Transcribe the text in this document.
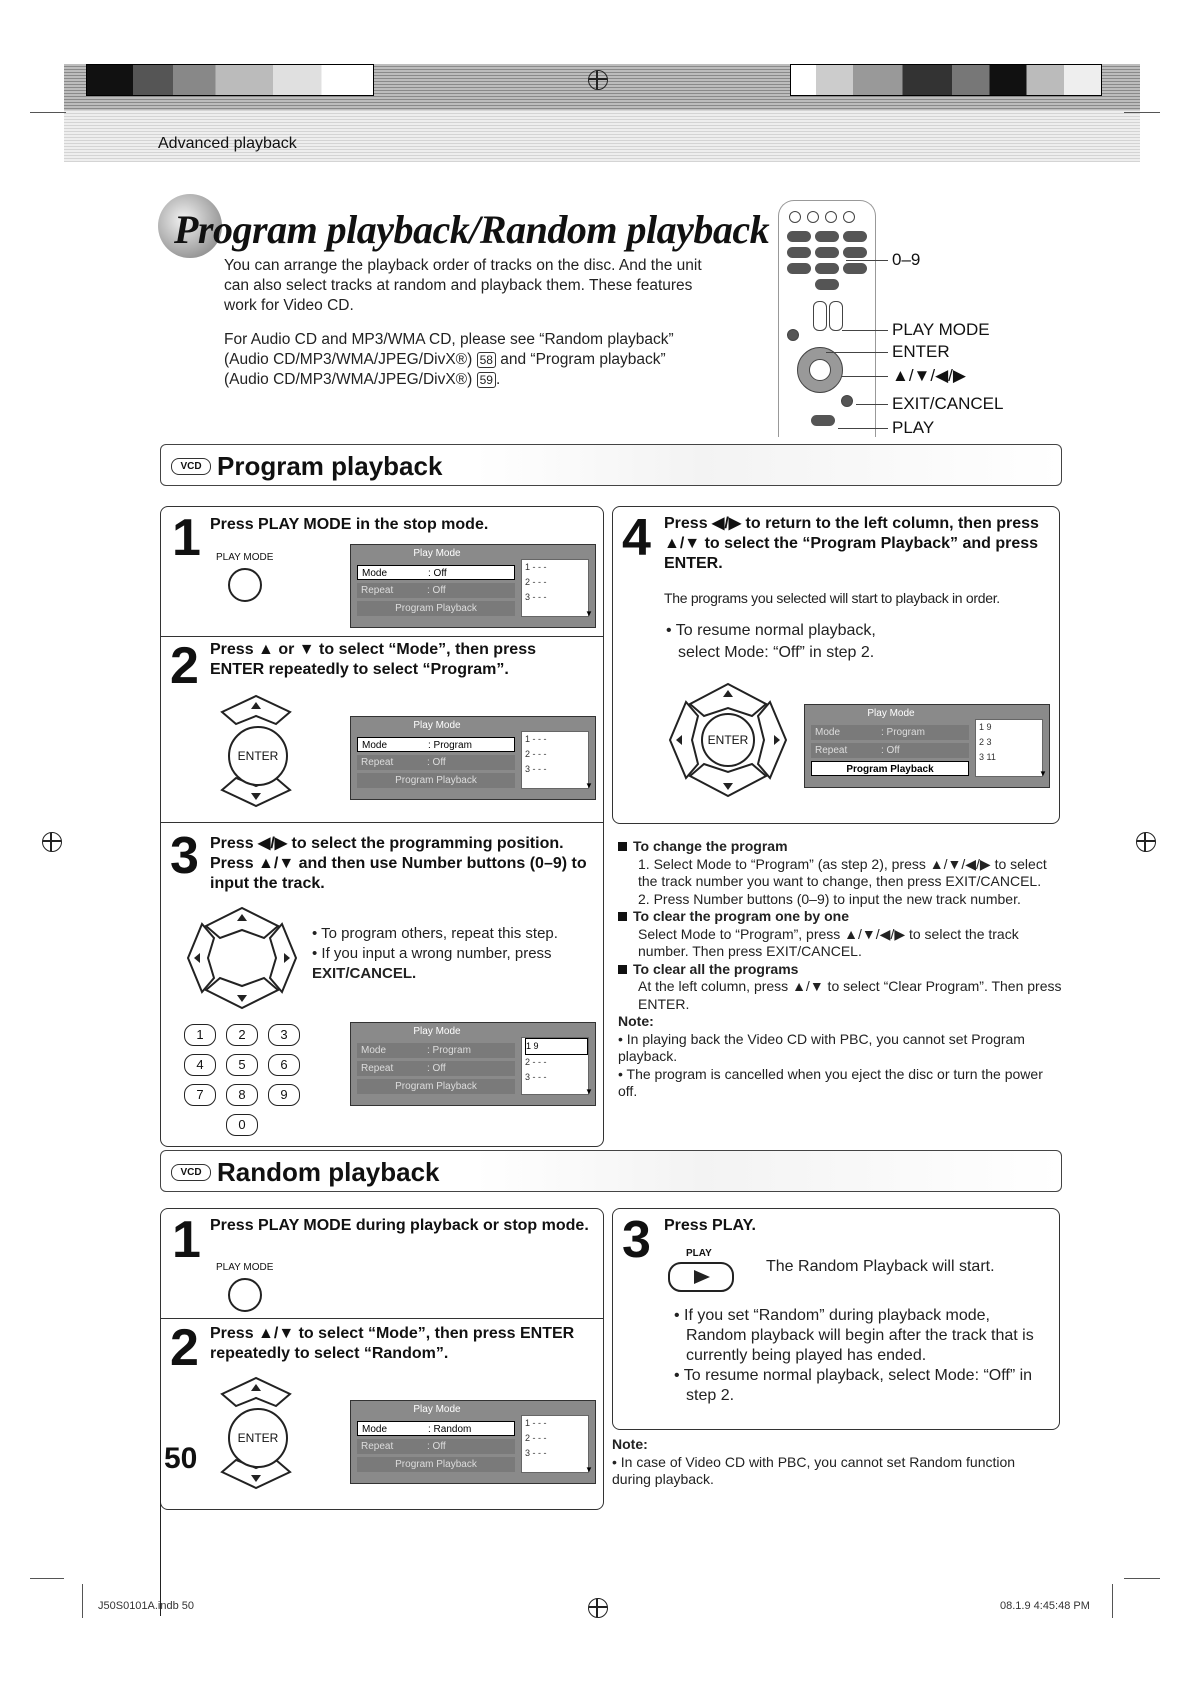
Advanced playback
Program playback/Random playback

You can arrange the playback order of tracks on the disc. And the unit can also select tracks at random and playback them. These features work for Video CD.

For Audio CD and MP3/WMA CD, please see “Random playback” (Audio CD/MP3/WMA/JPEG/DivX®) 58 and “Program playback” (Audio CD/MP3/WMA/JPEG/DivX®) 59 .

0–9
PLAY MODE
ENTER
▲/▼/◀/▶
EXIT/CANCEL
PLAY
VCD Program playback
1 Press PLAY MODE in the stop mode.
PLAY MODE	Play Mode
Mode	: Off
Repeat	: Off
Program Playback
1 - - -
2 - - -
3 - - -
▼
2 Press ▲ or ▼ to select “Mode”, then press ENTER repeatedly to select “Program”.
ENTER
Play Mode
Mode	: Program
Repeat	: Off
Program Playback
1 - - -
2 - - -
3 - - -
▼
3 Press ◀/▶ to select the programming position. Press ▲/▼ and then use Number buttons (0–9) to input the track.
• To program others, repeat this step.
• If you input a wrong number, press
EXIT/CANCEL.
1	2	3
4	5	6
7	8	9
0
Play Mode
Mode	: Program
Repeat	: Off
Program Playback
1 9
2 - - -
3 - - -
▼
4 Press ◀/▶ to return to the left column, then press ▲/▼ to select the “Program Playback” and press ENTER.
The programs you selected will start to playback in order.
• To resume normal playback,
select Mode: “Off” in step 2.
ENTER
Play Mode
Mode	: Program
Repeat	: Off
Program Playback
1 9
2 3
3 11
▼
To change the program
1. Select Mode to “Program” (as step 2), press ▲/▼/◀/▶ to select the track number you want to change, then press EXIT/CANCEL.
2. Press Number buttons (0–9) to input the new track number.
To clear the program one by one
Select Mode to “Program”, press ▲/▼/◀/▶ to select the track number. Then press EXIT/CANCEL.
To clear all the programs
At the left column, press ▲/▼ to select “Clear Program”. Then press ENTER.
Note:
• In playing back the Video CD with PBC, you cannot set Program playback.
• The program is cancelled when you eject the disc or turn the power off.
VCD Random playback
1 Press PLAY MODE during playback or stop mode.
PLAY MODE
2 Press ▲/▼ to select “Mode”, then press ENTER repeatedly to select “Random”.
ENTER
Play Mode
Mode	: Random
Repeat	: Off
Program Playback
1 - - -
2 - - -
3 - - -
▼
3 Press PLAY.
PLAY
The Random Playback will start.
• If you set “Random” during playback mode, Random playback will begin after the track that is currently being played has ended.
• To resume normal playback, select Mode: “Off” in step 2.
Note:
• In case of Video CD with PBC, you cannot set Random function during playback.
50
J50S0101A.indb 50	08.1.9 4:45:48 PM
